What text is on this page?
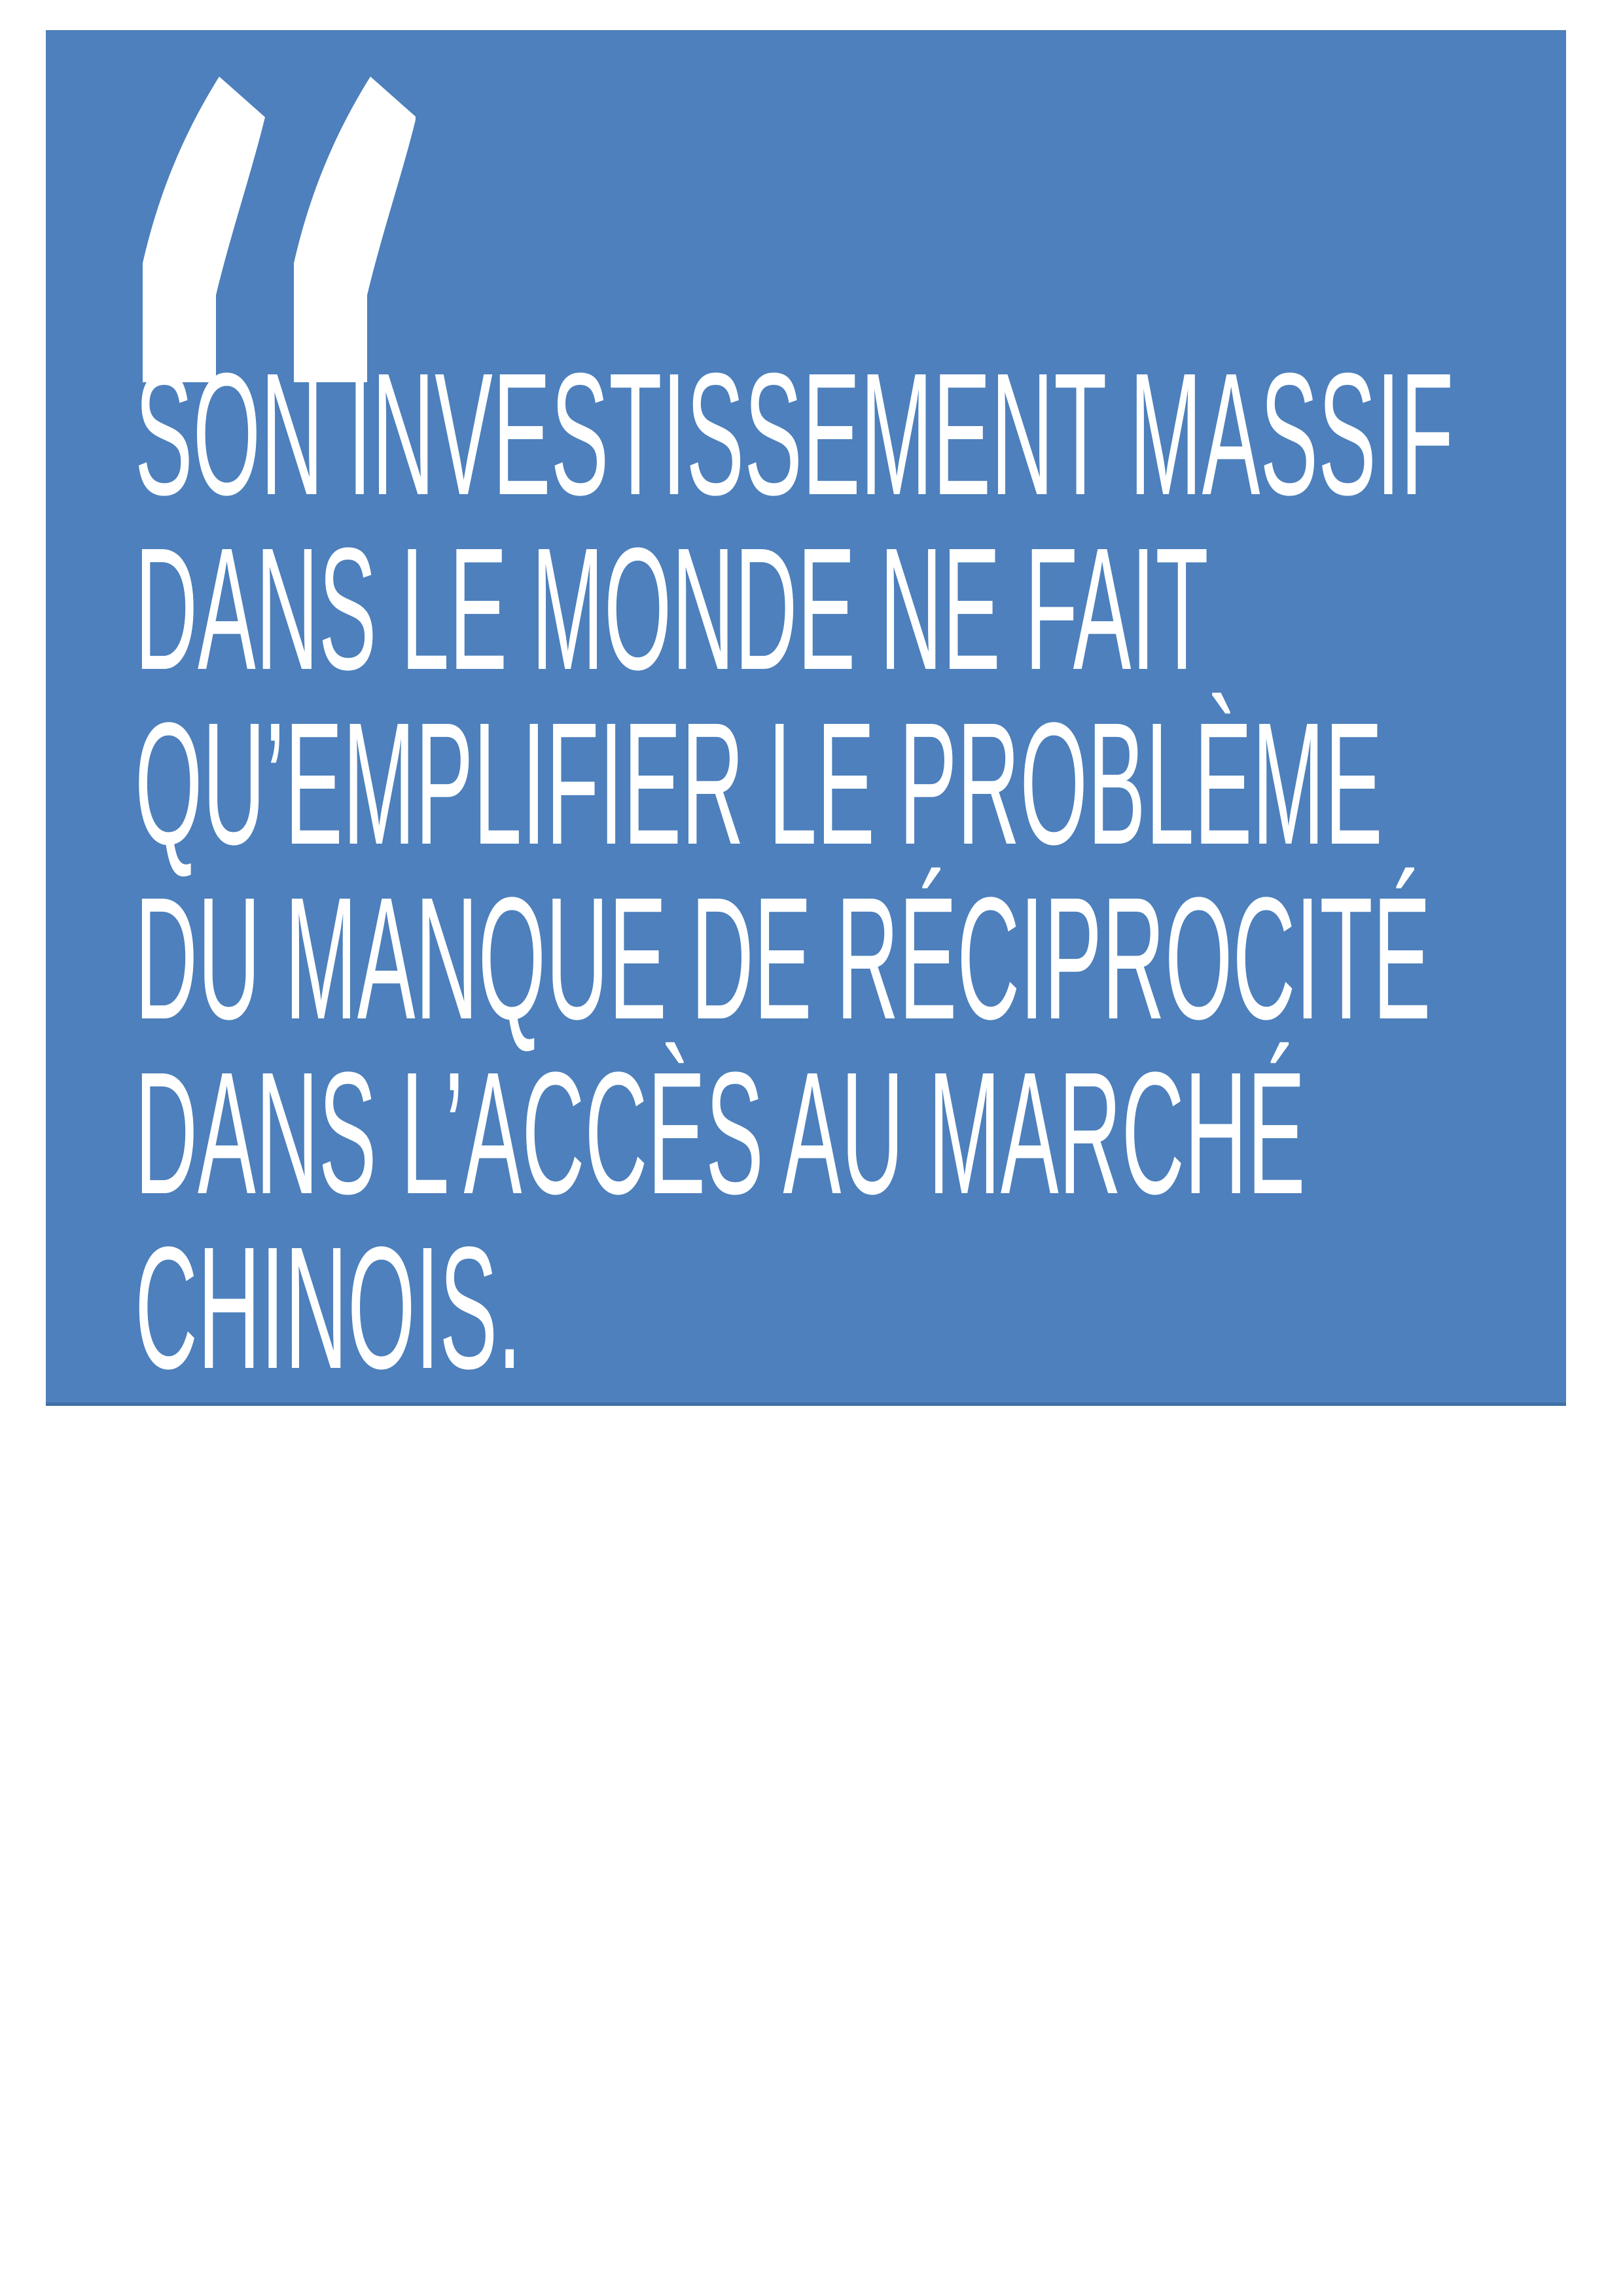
SON INVESTISSEMENT MASSIF
DANS LE MONDE NE FAIT
QU’EMPLIFIER LE PROBLÈME
DU MANQUE DE RÉCIPROCITÉ
DANS L’ACCÈS AU MARCHÉ
CHINOIS.
